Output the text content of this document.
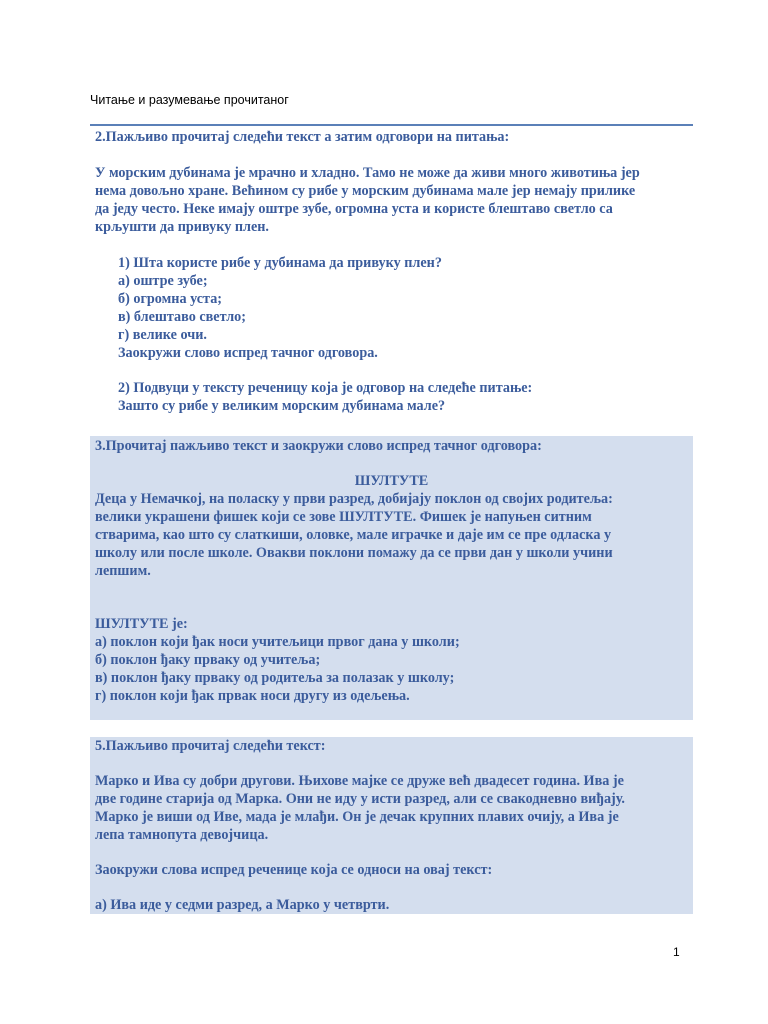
Читање и разумевање прочитаног
2.Пажљиво прочитај следећи текст а затим одговори на питања:
У морским дубинама је мрачно и хладно. Тамо не може да живи много животиња јер
нема довољно хране. Већином су рибе у морским дубинама мале јер немају прилике
да једу често. Неке имају оштре зубе, огромна уста и користе блештаво светло са
крљушти да привуку плен.
1) Шта користе рибе у дубинама да привуку плен?
а) оштре зубе;
б) огромна уста;
в) блештаво светло;
г) велике очи.
Заокружи слово испред тачног одговора.
2) Подвуци у тексту реченицу која је одговор на следеће питање:
Зашто су рибе у великим морским дубинама мале?
3.Прочитај пажљиво текст и заокружи слово испред тачног одговора:
ШУЛТУТЕ
Деца у Немачкој, на поласку у први разред, добијају поклон од својих родитеља:
велики украшени фишек који се зове ШУЛТУТЕ. Фишек је напуњен ситним
стварима, као што су слаткиши, оловке, мале играчке и даје им се пре одласка у
школу или после школе. Овакви поклони помажу да се први дан у школи учини
лепшим.
ШУЛТУТЕ је:
а) поклон који ђак носи учитељици првог дана у школи;
б) поклон ђаку прваку од учитеља;
в) поклон ђаку прваку од родитеља за полазак у школу;
г) поклон који ђак првак носи другу из одељења.
5.Пажљиво прочитај следећи текст:
Марко и Ива су добри другови. Њихове мајке се друже већ двадесет година. Ива је
две године старија од Марка. Они не иду у исти разред, али се свакодневно виђају.
Марко је виши од Иве, мада је млађи. Он је дечак крупних плавих очију, а Ива је
лепа тамнопута девојчица.
Заокружи слова испред реченице која се односи на овај текст:
а) Ива иде у седми разред, а Марко у четврти.
1
